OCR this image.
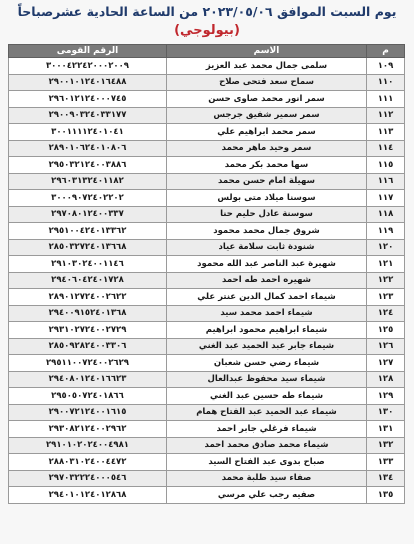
يوم السبت الموافق ٢٠٢٣/٠٥/٠٦ من الساعة الحادية عشرصباحاً
(بيولوجي)
م	الاسم	الرقم القومى
١٠٩	سلمى جمال محمد عبد العزيز	٣٠٠٠٤٢٢٤٢٠٠٠٢٠٠٩
١١٠	سماح سعد فتحى صلاح	٢٩٠٠١٠١٢٤٠١٦٤٨٨
١١١	سمر انور محمد صاوى حسن	٢٩٦٠١٢١٢٤٠٠٠٧٤٥
١١٢	سمر سمير شفيق جرجس	٢٩٠٠٩٠٣٢٤٠٣٣١٧٧
١١٣	سمر محمد ابراهيم علي	٣٠٠١١١١٢٤٠١٠٤١
١١٤	سمر وحيد ماهر محمد	٢٨٩٠١٠٦٢٤٠١٠٨٠٦
١١٥	سها محمد بكر محمد	٢٩٥٠٣٢١٢٤٠٠٣٨٨٦
١١٦	سهيلة امام حسن محمد	٢٩٦٠٣١٣٢٤٠١١٨٢
١١٧	سوسنا ميلاد متى بولس	٣٠٠٠٩٠٧٢٤٠٢٢٠٢
١١٨	سوسنة عادل حليم حنا	٢٩٧٠٨٠١٢٤٠٠٣٣٧
١١٩	شروق جمال محمد محمود	٢٩٥١٠٠٤٢٤٠١٣٣٦٢
١٢٠	شنودة ثابت سلامة عياد	٢٨٥٠٣٢٧٢٤٠١٣٦٦٨
١٢١	شهيرة عبد الناصر عبد الله محمود	٢٩١٠٣٠٢٤٠٠١١٤٦
١٢٢	شهيره احمد طه احمد	٢٩٤٠٦٠٤٢٤٠١٧٢٨
١٢٣	شيماء احمد كمال الدين عنتر علي	٢٨٩٠١٢٧٢٤٠٠٢٦٢٢
١٢٤	شيماء احمد محمد سيد	٢٩٤٠٠٩١٥٢٤٠١٣٦٨
١٢٥	شيماء ابراهيم محمود ابراهيم	٢٩٣١٠٢٧٢٤٠٠٢٧٢٩
١٢٦	شيماء جابر عبد الحميد عبد الغني	٢٨٥٠٩٢٨٢٤٠٠٣٣٠٦
١٢٧	شيماء رضي حسن شعبان	٢٩٥١١٠٠٧٢٤٠٠٢٦٢٩
١٢٨	شيماء سيد محفوظ عبدالعال	٢٩٤٠٨٠١٢٤٠١٦٦٢٣
١٢٩	شيماء طه حسين عبد الغني	٢٩٥٠٥٠٧٢٤٠١٨٦٦
١٣٠	شيماء عبد الحميد عبد الفتاح همام	٢٩٠٠٧٢١٢٤٠٠١٦١٥
١٣١	شيماء فرغلي جابر احمد	٢٩٣٠٨٢١٢٤٠٠٢٩٦٢
١٣٢	شيماء محمد صادق محمد احمد	٢٩١٠١٠٢٠٢٤٠٠٤٩٨١
١٣٣	صباح بدوى عبد الفتاح السيد	٢٨٨٠٣١٠٢٤٠٠٤٤٧٢
١٣٤	صفاء سيد طلبة محمد	٢٩٧٠٣٢٢٢٤٠٠٠٥٤٦
١٣٥	صفيه رجب علي مرسي	٢٩٤٠١٠١٢٤٠١٢٨٦٨
